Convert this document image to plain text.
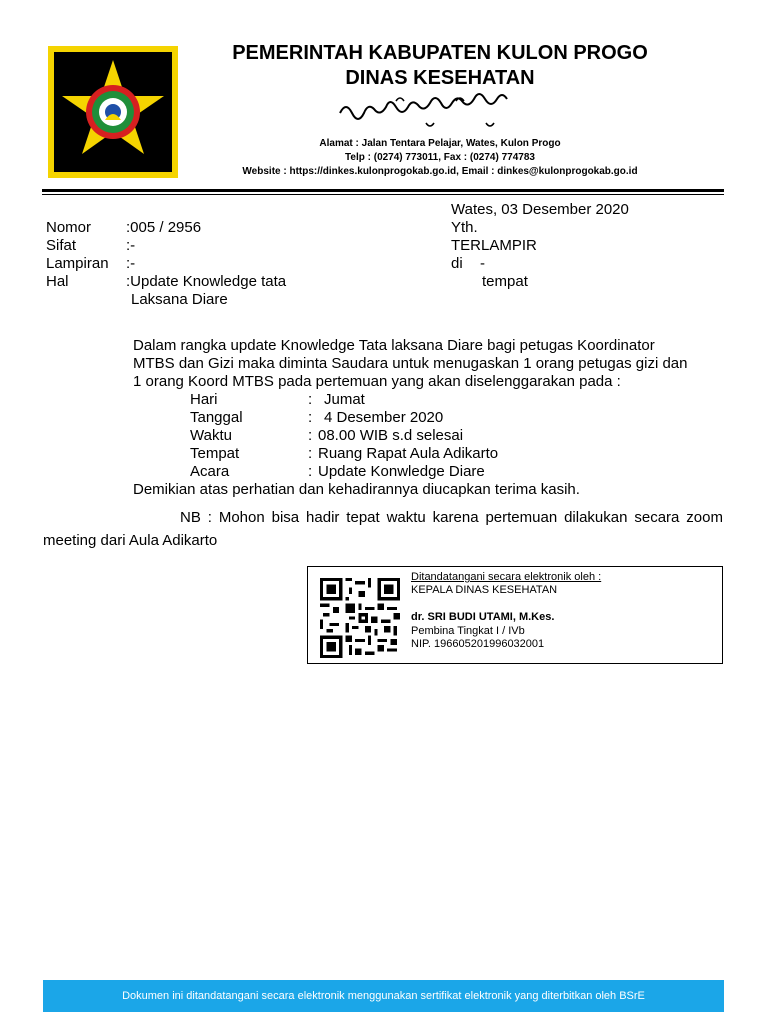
PEMERINTAH KABUPATEN KULON PROGO
DINAS KESEHATAN
Alamat : Jalan Tentara Pelajar, Wates, Kulon Progo
Telp : (0274) 773011, Fax : (0274) 774783
Website : https://dinkes.kulonprogokab.go.id, Email : dinkes@kulonprogokab.go.id
Wates, 03 Desember 2020
Nomor :005 / 2956	Yth.
Sifat	:-	TERLAMPIR
Lampiran :-	di -
Hal	:Update Knowledge tata	tempat
Laksana Diare
Dalam rangka update Knowledge Tata laksana Diare bagi petugas Koordinator
MTBS dan Gizi maka diminta Saudara untuk menugaskan 1 orang petugas gizi dan
1 orang Koord MTBS pada pertemuan yang akan diselenggarakan pada :
Hari	: Jumat
Tanggal	: 4 Desember 2020
Waktu	: 08.00 WIB s.d selesai
Tempat	: Ruang Rapat Aula Adikarto
Acara	: Update Konwledge Diare
Demikian atas perhatian dan kehadirannya diucapkan terima kasih.
NB : Mohon bisa hadir tepat waktu karena pertemuan dilakukan secara zoom
meeting dari Aula Adikarto
Ditandatangani secara elektronik oleh :
KEPALA DINAS KESEHATAN
dr. SRI BUDI UTAMI, M.Kes.
Pembina Tingkat I / IVb
NIP. 196605201996032001
Dokumen ini ditandatangani secara elektronik menggunakan sertifikat elektronik yang diterbitkan oleh BSrE
